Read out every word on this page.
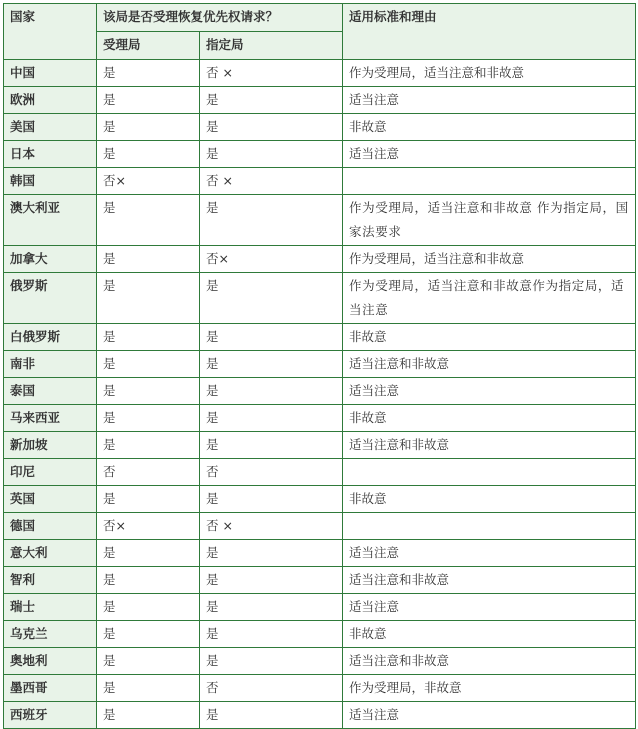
国家	该局是否受理恢复优先权请求？		适用标准和理由
	受理局	指定局	
中国	是	否 ×	作为受理局，适当注意和非故意
欧洲	是	是	适当注意
美国	是	是	非故意
日本	是	是	适当注意
韩国	否×	否 ×	
澳大利亚	是	是	作为受理局，适当注意和非故意 作为指定局，国家法要求
加拿大	是	否×	作为受理局，适当注意和非故意
俄罗斯	是	是	作为受理局，适当注意和非故意作为指定局，适当注意
白俄罗斯	是	是	非故意
南非	是	是	适当注意和非故意
泰国	是	是	适当注意
马来西亚	是	是	非故意
新加坡	是	是	适当注意和非故意
印尼	否	否	
英国	是	是	非故意
德国	否×	否 ×	
意大利	是	是	适当注意
智利	是	是	适当注意和非故意
瑞士	是	是	适当注意
乌克兰	是	是	非故意
奥地利	是	是	适当注意和非故意
墨西哥	是	否	作为受理局，非故意
西班牙	是	是	适当注意
